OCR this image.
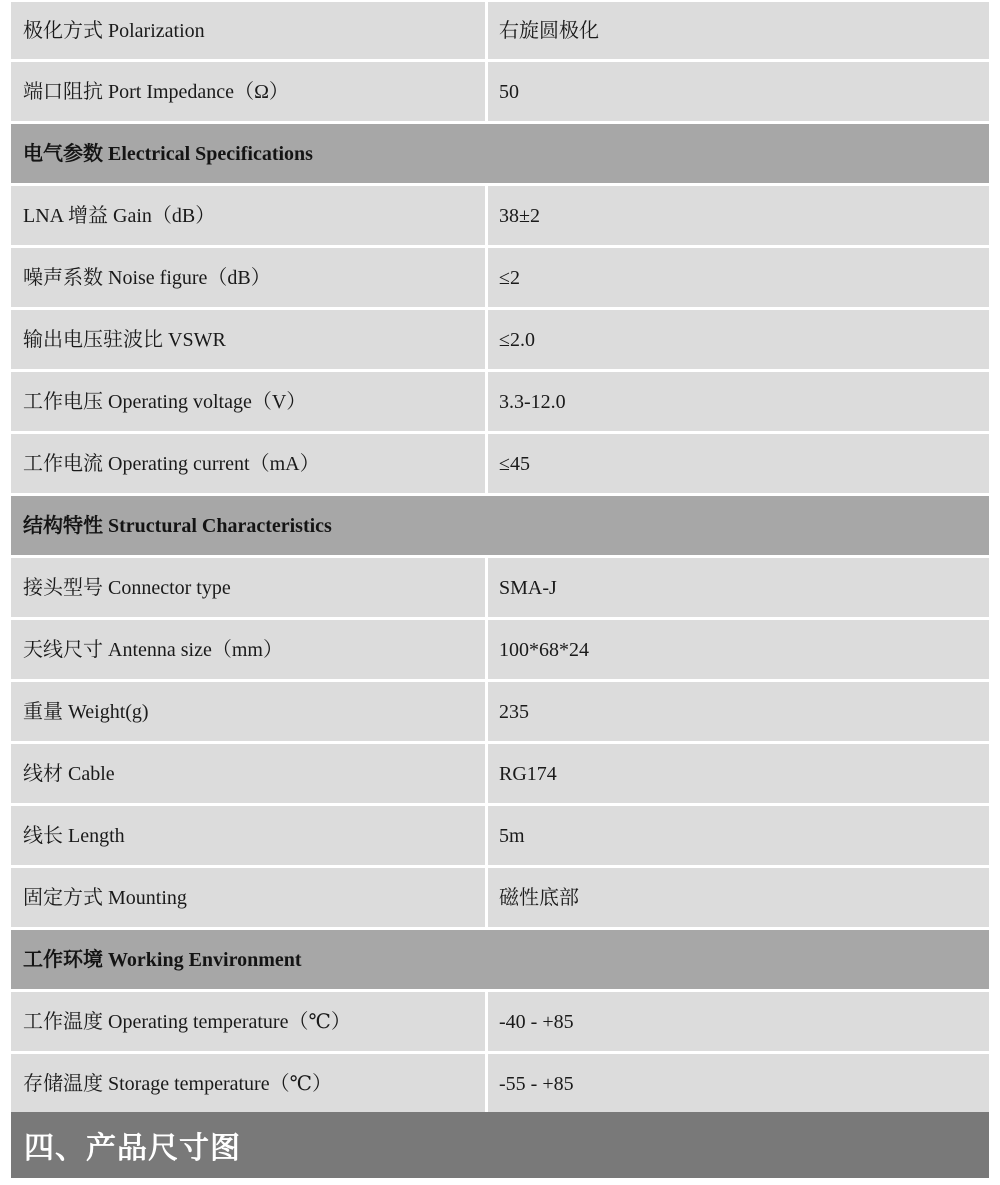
极化方式 Polarization	右旋圆极化
端口阻抗 Port Impedance（Ω）	50
电气参数 Electrical Specifications	
LNA 增益 Gain（dB）	38±2
噪声系数 Noise figure（dB）	≤2
输出电压驻波比 VSWR	≤2.0
工作电压 Operating voltage（V）	3.3-12.0
工作电流 Operating current（mA）	≤45
结构特性 Structural Characteristics	
接头型号 Connector type	SMA-J
天线尺寸 Antenna size（mm）	100*68*24
重量 Weight(g)	235
线材 Cable	RG174
线长 Length	5m
固定方式 Mounting	磁性底部
工作环境 Working Environment	
工作温度 Operating temperature（℃）	-40 - +85
存储温度 Storage temperature（℃）	-55 - +85
四、产品尺寸图
